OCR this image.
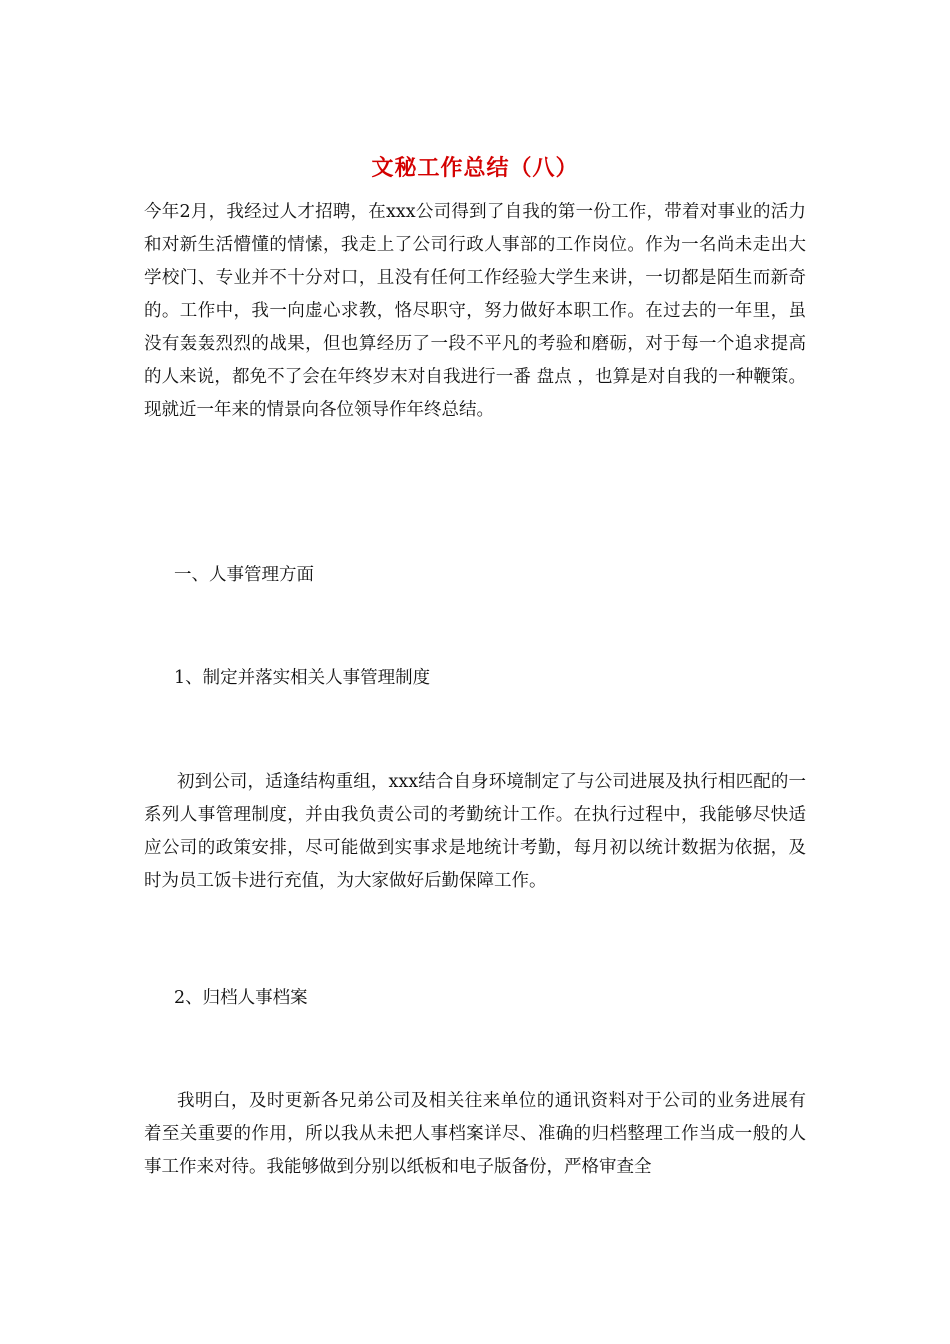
文秘工作总结（八）

今年2月，我经过人才招聘，在xxx公司得到了自我的第一份工作，带着对事业的活力和对新生活懵懂的情愫，我走上了公司行政人事部的工作岗位。作为一名尚未走出大学校门、专业并不十分对口，且没有任何工作经验大学生来讲，一切都是陌生而新奇的。工作中，我一向虚心求教，恪尽职守，努力做好本职工作。在过去的一年里，虽没有轰轰烈烈的战果，但也算经历了一段不平凡的考验和磨砺，对于每一个追求提高的人来说，都免不了会在年终岁末对自我进行一番 盘点 ，也算是对自我的一种鞭策。现就近一年来的情景向各位领导作年终总结。

一、人事管理方面

1、制定并落实相关人事管理制度

初到公司，适逢结构重组，xxx结合自身环境制定了与公司进展及执行相匹配的一系列人事管理制度，并由我负责公司的考勤统计工作。在执行过程中，我能够尽快适应公司的政策安排，尽可能做到实事求是地统计考勤，每月初以统计数据为依据，及时为员工饭卡进行充值，为大家做好后勤保障工作。

2、归档人事档案

我明白，及时更新各兄弟公司及相关往来单位的通讯资料对于公司的业务进展有着至关重要的作用，所以我从未把人事档案详尽、准确的归档整理工作当成一般的人事工作来对待。我能够做到分别以纸板和电子版备份，严格审查全
